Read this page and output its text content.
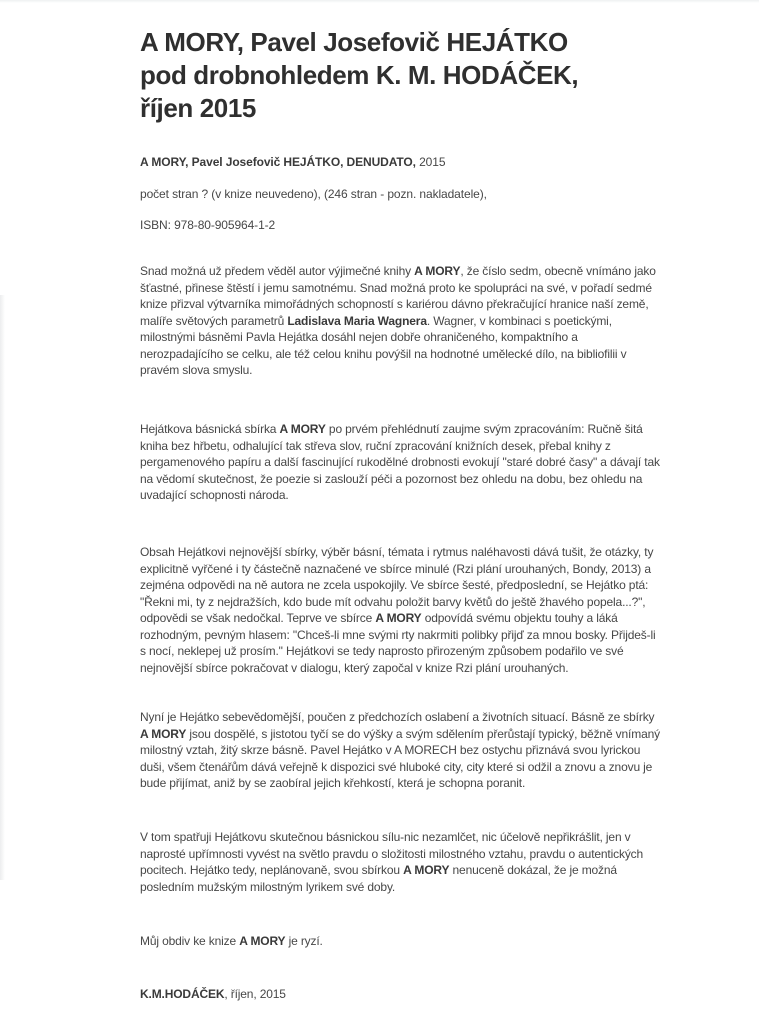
A MORY, Pavel Josefovič HEJÁTKO
pod drobnohledem K. M. HODÁČEK,
říjen 2015

A MORY, Pavel Josefovič HEJÁTKO, DENUDATO, 2015

počet stran ? (v knize neuvedeno), (246 stran - pozn. nakladatele),

ISBN: 978-80-905964-1-2

Snad možná už předem věděl autor výjimečné knihy A MORY, že číslo sedm, obecně vnímáno jako šťastné, přinese štěstí i jemu samotnému. Snad možná proto ke spolupráci na své, v pořadí sedmé knize přizval výtvarníka mimořádných schopností s kariérou dávno překračující hranice naší země, malíře světových parametrů Ladislava Maria Wagnera. Wagner, v kombinaci s poetickými, milostnými básněmi Pavla Hejátka dosáhl nejen dobře ohraničeného, kompaktního a nerozpadajícího se celku, ale též celou knihu povýšil na hodnotné umělecké dílo, na bibliofilii v pravém slova smyslu.

Hejátkova básnická sbírka A MORY po prvém přehlédnutí zaujme svým zpracováním: Ručně šitá kniha bez hřbetu, odhalující tak střeva slov, ruční zpracování knižních desek, přebal knihy z pergamenového papíru a další fascinující rukodělné drobnosti evokují "staré dobré časy" a dávají tak na vědomí skutečnost, že poezie si zaslouží péči a pozornost bez ohledu na dobu, bez ohledu na uvadající schopnosti národa.

Obsah Hejátkovi nejnovější sbírky, výběr básní, témata i rytmus naléhavosti dává tušit, že otázky, ty explicitně vyřčené i ty částečně naznačené ve sbírce minulé (Rzi plání urouhaných, Bondy, 2013) a zejména odpovědi na ně autora ne zcela uspokojily. Ve sbírce šesté, předposlední, se Hejátko ptá: "Řekni mi, ty z nejdražších, kdo bude mít odvahu položit barvy květů do ještě žhavého popela...?", odpovědi se však nedočkal. Teprve ve sbírce A MORY odpovídá svému objektu touhy a láká rozhodným, pevným hlasem: "Chceš-li mne svými rty nakrmiti polibky přijď za mnou bosky. Přijdeš-li s nocí, neklepej už prosím." Hejátkovi se tedy naprosto přirozeným způsobem podařilo ve své nejnovější sbírce pokračovat v dialogu, který započal v knize Rzi plání urouhaných.

Nyní je Hejátko sebevědomější, poučen z předchozích oslabení a životních situací. Básně ze sbírky A MORY jsou dospělé, s jistotou tyčí se do výšky a svým sdělením přerůstají typický, běžně vnímaný milostný vztah, žitý skrze básně. Pavel Hejátko v A MORECH bez ostychu přiznává svou lyrickou duši, všem čtenářům dává veřejně k dispozici své hluboké city, city které si odžil a znovu a znovu je bude přijímat, aniž by se zaobíral jejich křehkostí, která je schopna poranit.

V tom spatřuji Hejátkovu skutečnou básnickou sílu-nic nezamlčet, nic účelově nepřikrášlit, jen v naprosté upřímnosti vyvést na světlo pravdu o složitosti milostného vztahu, pravdu o autentických pocitech. Hejátko tedy, neplánovaně, svou sbírkou A MORY nenuceně dokázal, že je možná posledním mužským milostným lyrikem své doby.

Můj obdiv ke knize A MORY je ryzí.

K.M.HODÁČEK, říjen, 2015
